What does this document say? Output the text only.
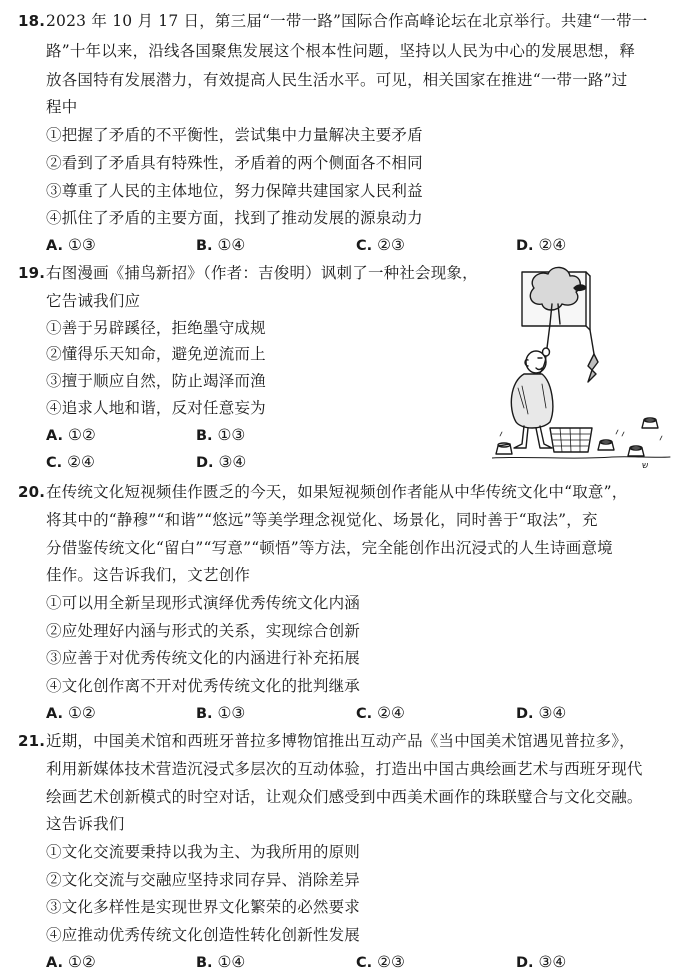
18.2023 年 10 月 17 日，第三届“一带一路”国际合作高峰论坛在北京举行。共建“一带一
路”十年以来，沿线各国聚焦发展这个根本性问题，坚持以人民为中心的发展思想，释
放各国特有发展潜力，有效提高人民生活水平。可见，相关国家在推进“一带一路”过
程中
①把握了矛盾的不平衡性，尝试集中力量解决主要矛盾
②看到了矛盾具有特殊性，矛盾着的两个侧面各不相同
③尊重了人民的主体地位，努力保障共建国家人民利益
④抓住了矛盾的主要方面，找到了推动发展的源泉动力
A. ①③	B. ①④	C. ②③	D. ②④
19.右图漫画《捕鸟新招》（作者：吉俊明）讽刺了一种社会现象，
它告诫我们应
①善于另辟蹊径，拒绝墨守成规
②懂得乐天知命，避免逆流而上
③擅于顺应自然，防止竭泽而渔
④追求人地和谐，反对任意妄为
A. ①②	B. ①③
C. ②④	D. ③④	ש
20.在传统文化短视频佳作匮乏的今天，如果短视频创作者能从中华传统文化中“取意”，
将其中的“静穆”“和谐”“悠远”等美学理念视觉化、场景化，同时善于“取法”，充
分借鉴传统文化“留白”“写意”“顿悟”等方法，完全能创作出沉浸式的人生诗画意境
佳作。这告诉我们，文艺创作
①可以用全新呈现形式演绎优秀传统文化内涵
②应处理好内涵与形式的关系，实现综合创新
③应善于对优秀传统文化的内涵进行补充拓展
④文化创作离不开对优秀传统文化的批判继承
A. ①②	B. ①③	C. ②④	D. ③④
21.近期，中国美术馆和西班牙普拉多博物馆推出互动产品《当中国美术馆遇见普拉多》，
利用新媒体技术营造沉浸式多层次的互动体验，打造出中国古典绘画艺术与西班牙现代
绘画艺术创新模式的时空对话，让观众们感受到中西美术画作的珠联璧合与文化交融。
这告诉我们
①文化交流要秉持以我为主、为我所用的原则
②文化交流与交融应坚持求同存异、消除差异
③文化多样性是实现世界文化繁荣的必然要求
④应推动优秀传统文化创造性转化创新性发展
A. ①②	B. ①④	C. ②③	D. ③④
